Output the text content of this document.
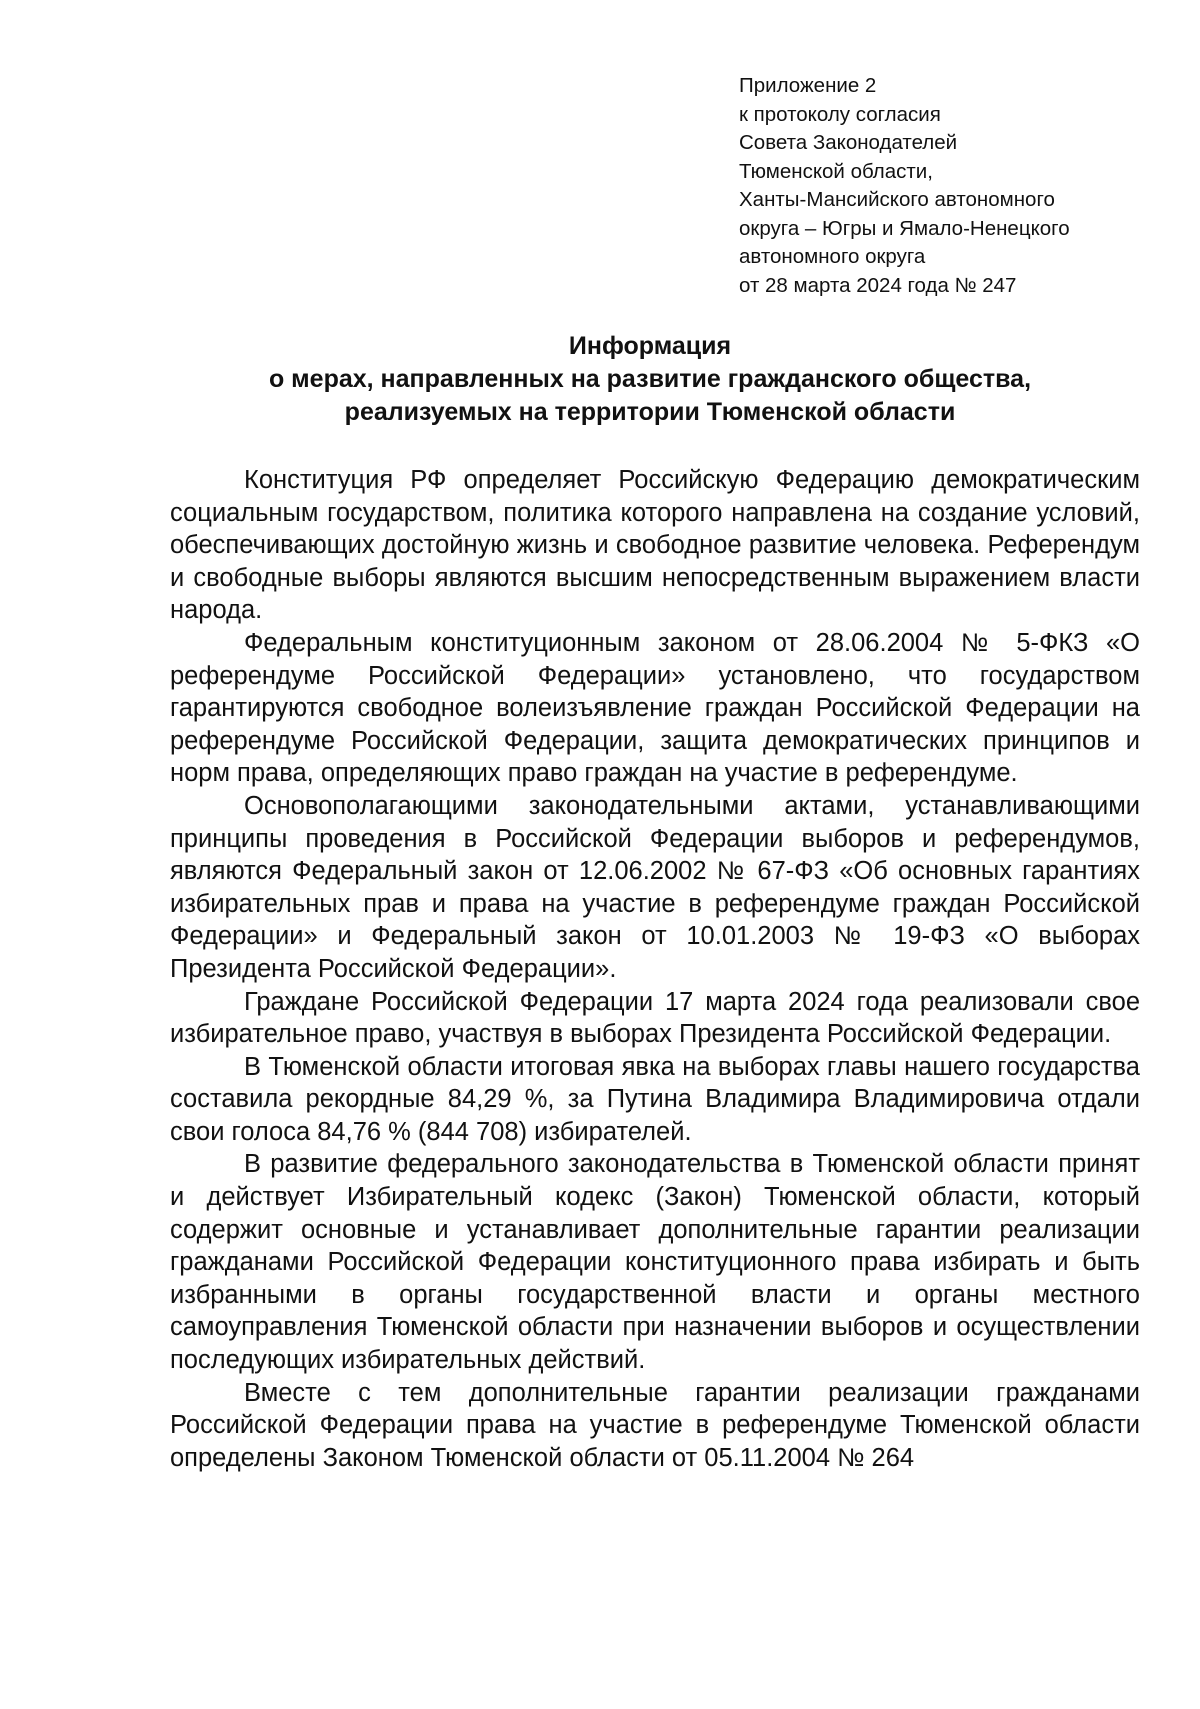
Приложение 2
к протоколу согласия
Совета Законодателей
Тюменской области,
Ханты-Мансийского автономного
округа – Югры и Ямало-Ненецкого
автономного округа
от 28 марта 2024 года № 247
Информация
о мерах, направленных на развитие гражданского общества,
реализуемых на территории Тюменской области

Конституция РФ определяет Российскую Федерацию демократическим социальным государством, политика которого направлена на создание условий, обеспечивающих достойную жизнь и свободное развитие человека. Референдум и свободные выборы являются высшим непосредственным выражением власти народа.

Федеральным конституционным законом от 28.06.2004 № 5-ФКЗ «О референдуме Российской Федерации» установлено, что государством гарантируются свободное волеизъявление граждан Российской Федерации на референдуме Российской Федерации, защита демократических принципов и норм права, определяющих право граждан на участие в референдуме.

Основополагающими законодательными актами, устанавливающими принципы проведения в Российской Федерации выборов и референдумов, являются Федеральный закон от 12.06.2002 № 67-ФЗ «Об основных гарантиях избирательных прав и права на участие в референдуме граждан Российской Федерации» и Федеральный закон от 10.01.2003 № 19-ФЗ «О выборах Президента Российской Федерации».

Граждане Российской Федерации 17 марта 2024 года реализовали свое избирательное право, участвуя в выборах Президента Российской Федерации.

В Тюменской области итоговая явка на выборах главы нашего государства составила рекордные 84,29 %, за Путина Владимира Владимировича отдали свои голоса 84,76 % (844 708) избирателей.

В развитие федерального законодательства в Тюменской области принят и действует Избирательный кодекс (Закон) Тюменской области, который содержит основные и устанавливает дополнительные гарантии реализации гражданами Российской Федерации конституционного права избирать и быть избранными в органы государственной власти и органы местного самоуправления Тюменской области при назначении выборов и осуществлении последующих избирательных действий.

Вместе с тем дополнительные гарантии реализации гражданами Российской Федерации права на участие в референдуме Тюменской области определены Законом Тюменской области от 05.11.2004 № 264
